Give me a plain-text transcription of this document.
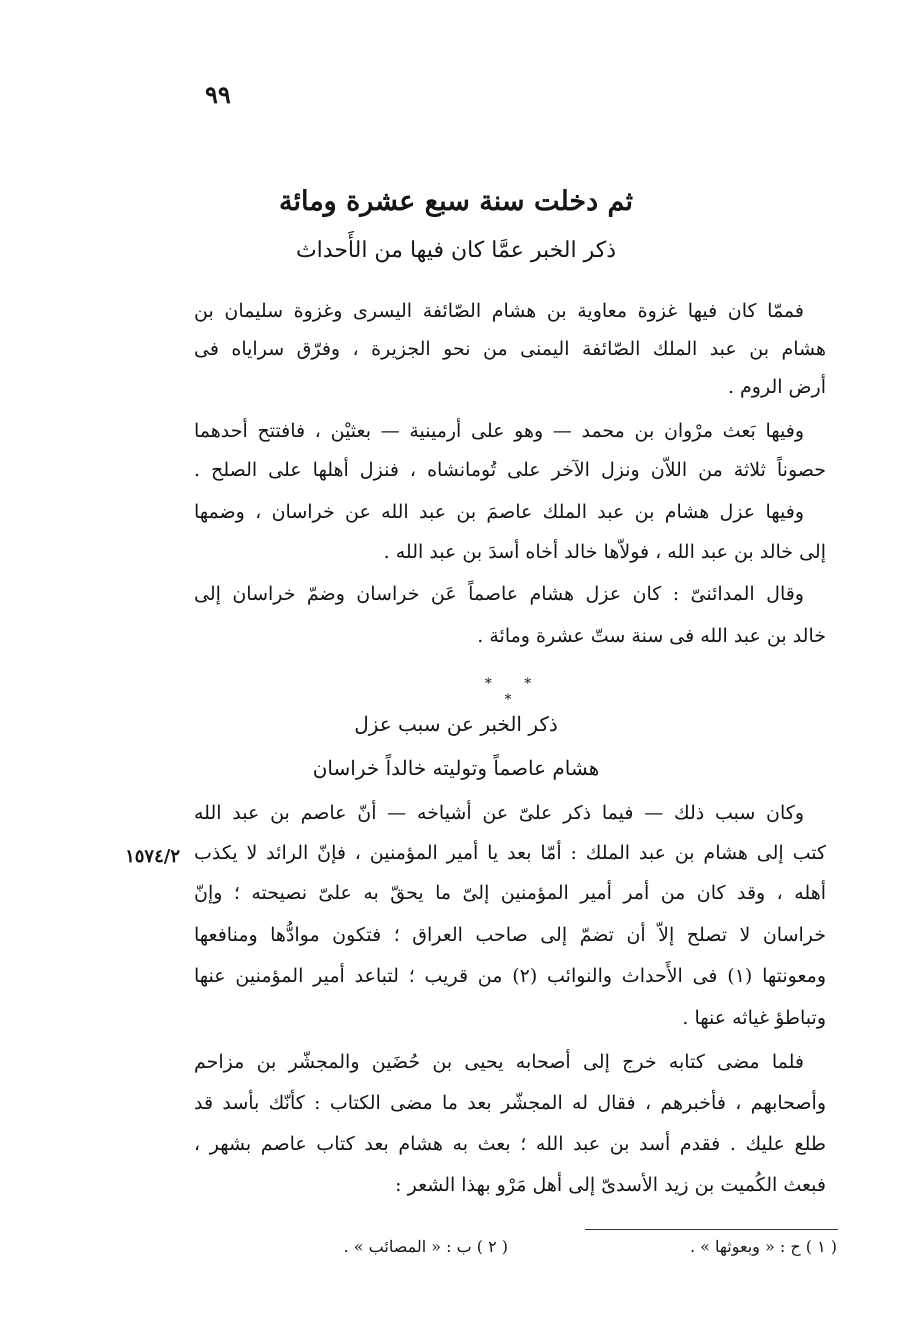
٩٩
ثم دخلت سنة سبع عشرة ومائة
ذكر الخبر عمَّا كان فيها من الأَحداث
فممّا كان فيها غزوة معاوية بن هشام الصّائفة اليسرى وغزوة سليمان بن
هشام بن عبد الملك الصّائفة اليمنى من نحو الجزيرة ، وفرّق سراياه فى
أرض الروم .
وفيها بَعث مرْوان بن محمد — وهو على أرمينية — بعثيْن ، فافتتح أحدهما
حصوناً ثلاثة من اللاّن ونزل الآخر على تُومانشاه ، فنزل أهلها على الصلح .
وفيها عزل هشام بن عبد الملك عاصمَ بن عبد الله عن خراسان ، وضمها
إلى خالد بن عبد الله ، فولاّها خالد أخاه أسدَ بن عبد الله .
وقال المدائنىّ : كان عزل هشام عاصماً عَن خراسان وضمّ خراسان إلى
خالد بن عبد الله فى سنة ستّ عشرة ومائة .
* * *
ذكر الخبر عن سبب عزل
هشام عاصماً وتوليته خالداً خراسان
وكان سبب ذلك — فيما ذكر علىّ عن أشياخه — أنّ عاصم بن عبد الله
كتب إلى هشام بن عبد الملك : أمّا بعد يا أمير المؤمنين ، فإنّ الرائد لا يكذب
١٥٧٤/٢
أهله ، وقد كان من أمر أمير المؤمنين إلىّ ما يحقّ به علىّ نصيحته ؛ وإنّ
خراسان لا تصلح إلاّ أن تضمّ إلى صاحب العراق ؛ فتكون موادُّها ومنافعها
ومعونتها (١) فى الأَحداث والنوائب (٢) من قريب ؛ لتباعد أمير المؤمنين عنها
وتباطؤ غياثه عنها .
فلما مضى كتابه خرج إلى أصحابه يحيى بن حُضَين والمجشّر بن مزاحم
وأصحابهم ، فأخبرهم ، فقال له المجشّر بعد ما مضى الكتاب : كأنّك بأسد قد
طلع عليك . فقدم أسد بن عبد الله ؛ بعث به هشام بعد كتاب عاصم بشهر ،
فبعث الكُميت بن زيد الأسدىّ إلى أهل مَرْو بهذا الشعر :
( ١ ) ح : « وبعوثها » .
( ٢ ) ب : « المصائب » .
